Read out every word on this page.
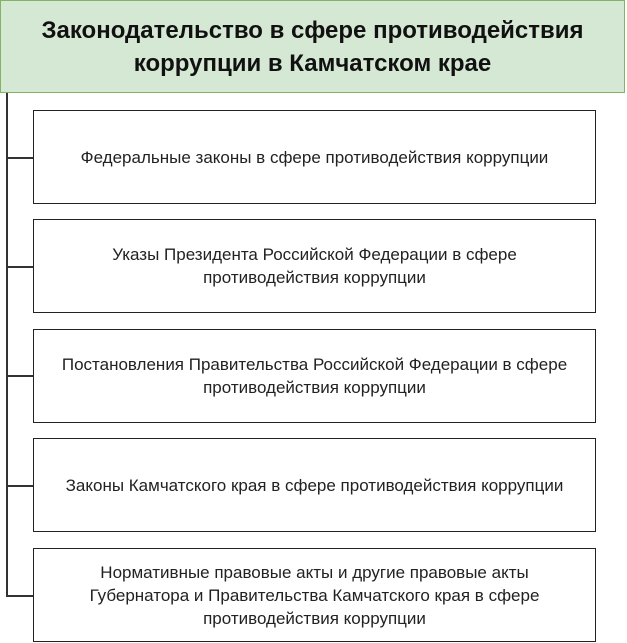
Законодательство в сфере противодействия коррупции в Камчатском крае
Федеральные законы в сфере противодействия коррупции
Указы Президента Российской Федерации в сфере противодействия коррупции
Постановления Правительства Российской Федерации в сфере противодействия коррупции
Законы Камчатского края в сфере противодействия коррупции
Нормативные правовые акты и другие правовые акты Губернатора и Правительства Камчатского края в сфере противодействия коррупции
